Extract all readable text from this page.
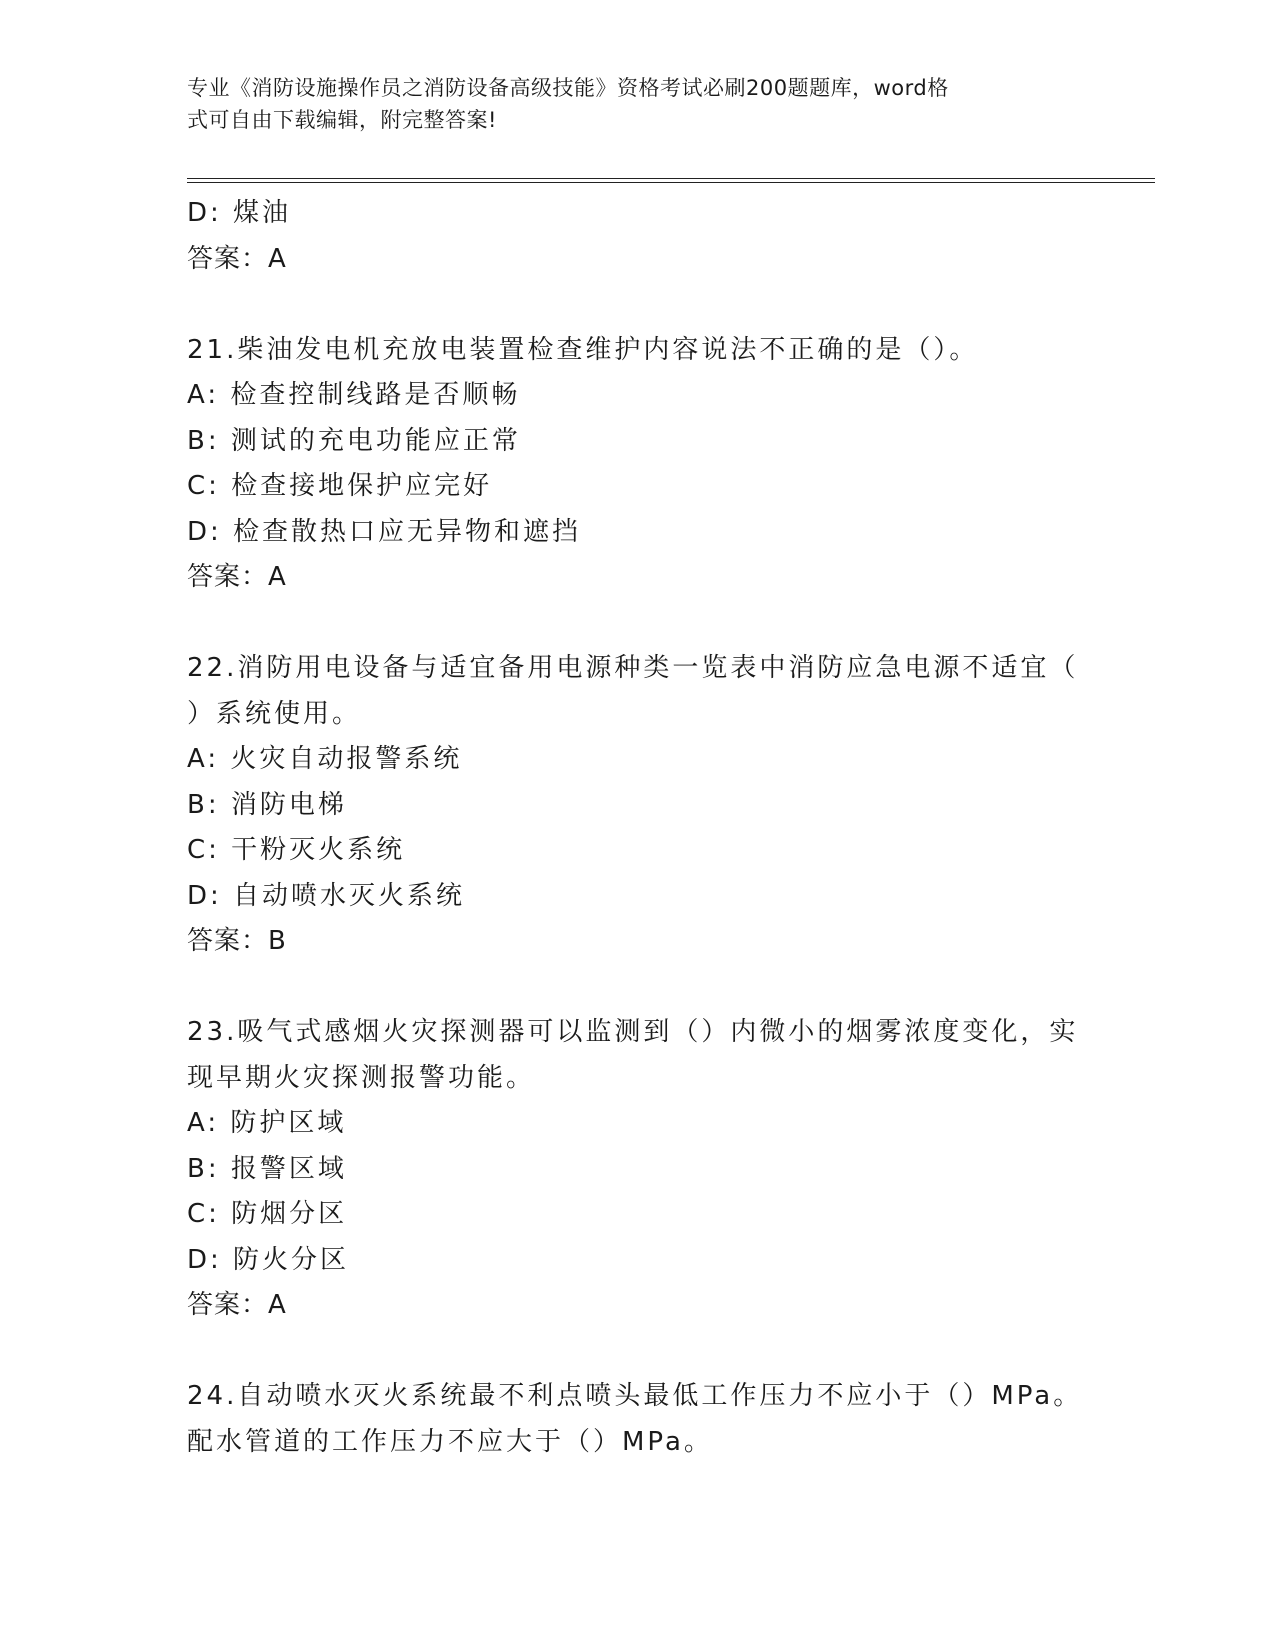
专业《消防设施操作员之消防设备高级技能》资格考试必刷200题题库，word格
式可自由下载编辑，附完整答案!
D: 煤油
答案：A
21.柴油发电机充放电装置检查维护内容说法不正确的是（）。
A: 检查控制线路是否顺畅
B: 测试的充电功能应正常
C: 检查接地保护应完好
D: 检查散热口应无异物和遮挡
答案：A
22.消防用电设备与适宜备用电源种类一览表中消防应急电源不适宜（
）系统使用。
A: 火灾自动报警系统
B: 消防电梯
C: 干粉灭火系统
D: 自动喷水灭火系统
答案：B
23.吸气式感烟火灾探测器可以监测到（）内微小的烟雾浓度变化，实
现早期火灾探测报警功能。
A: 防护区域
B: 报警区域
C: 防烟分区
D: 防火分区
答案：A
24.自动喷水灭火系统最不利点喷头最低工作压力不应小于（）MPa。
配水管道的工作压力不应大于（）MPa。
